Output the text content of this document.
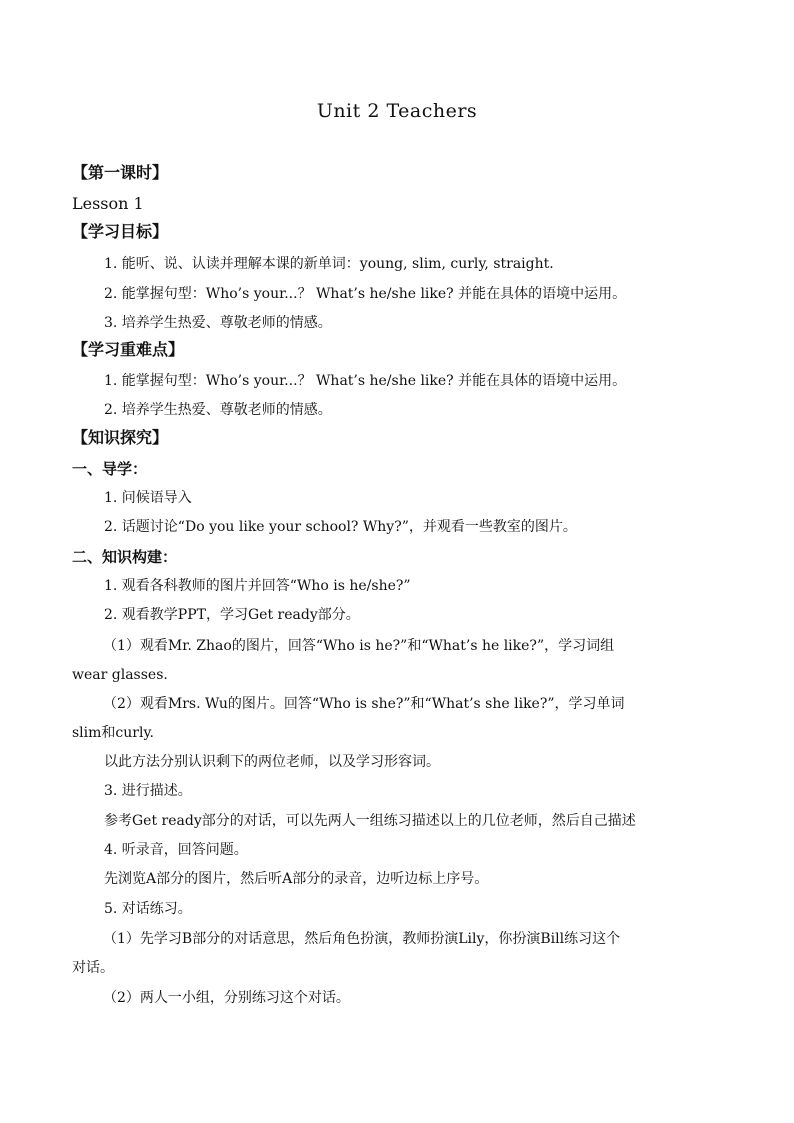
Unit 2 Teachers
【第一课时】
Lesson 1
【学习目标】
1. 能听、说、认读并理解本课的新单词：young, slim, curly, straight.
2. 能掌握句型：Who’s your...？ What’s he/she like? 并能在具体的语境中运用。
3. 培养学生热爱、尊敬老师的情感。
【学习重难点】
1. 能掌握句型：Who’s your...？ What’s he/she like? 并能在具体的语境中运用。
2. 培养学生热爱、尊敬老师的情感。
【知识探究】
一、导学：
1. 问候语导入
2. 话题讨论“Do you like your school? Why?”，并观看一些教室的图片。
二、知识构建：
1. 观看各科教师的图片并回答“Who is he/she?”
2. 观看教学PPT，学习Get ready部分。
（1）观看Mr. Zhao的图片，回答“Who is he?”和“What’s he like?”，学习词组
wear glasses.
（2）观看Mrs. Wu的图片。回答“Who is she?”和“What’s she like?”，学习单词
slim和curly.
以此方法分别认识剩下的两位老师，以及学习形容词。
3. 进行描述。
参考Get ready部分的对话，可以先两人一组练习描述以上的几位老师，然后自己描述
4. 听录音，回答问题。
先浏览A部分的图片，然后听A部分的录音，边听边标上序号。
5. 对话练习。
（1）先学习B部分的对话意思，然后角色扮演，教师扮演Lily，你扮演Bill练习这个
对话。
（2）两人一小组，分别练习这个对话。
